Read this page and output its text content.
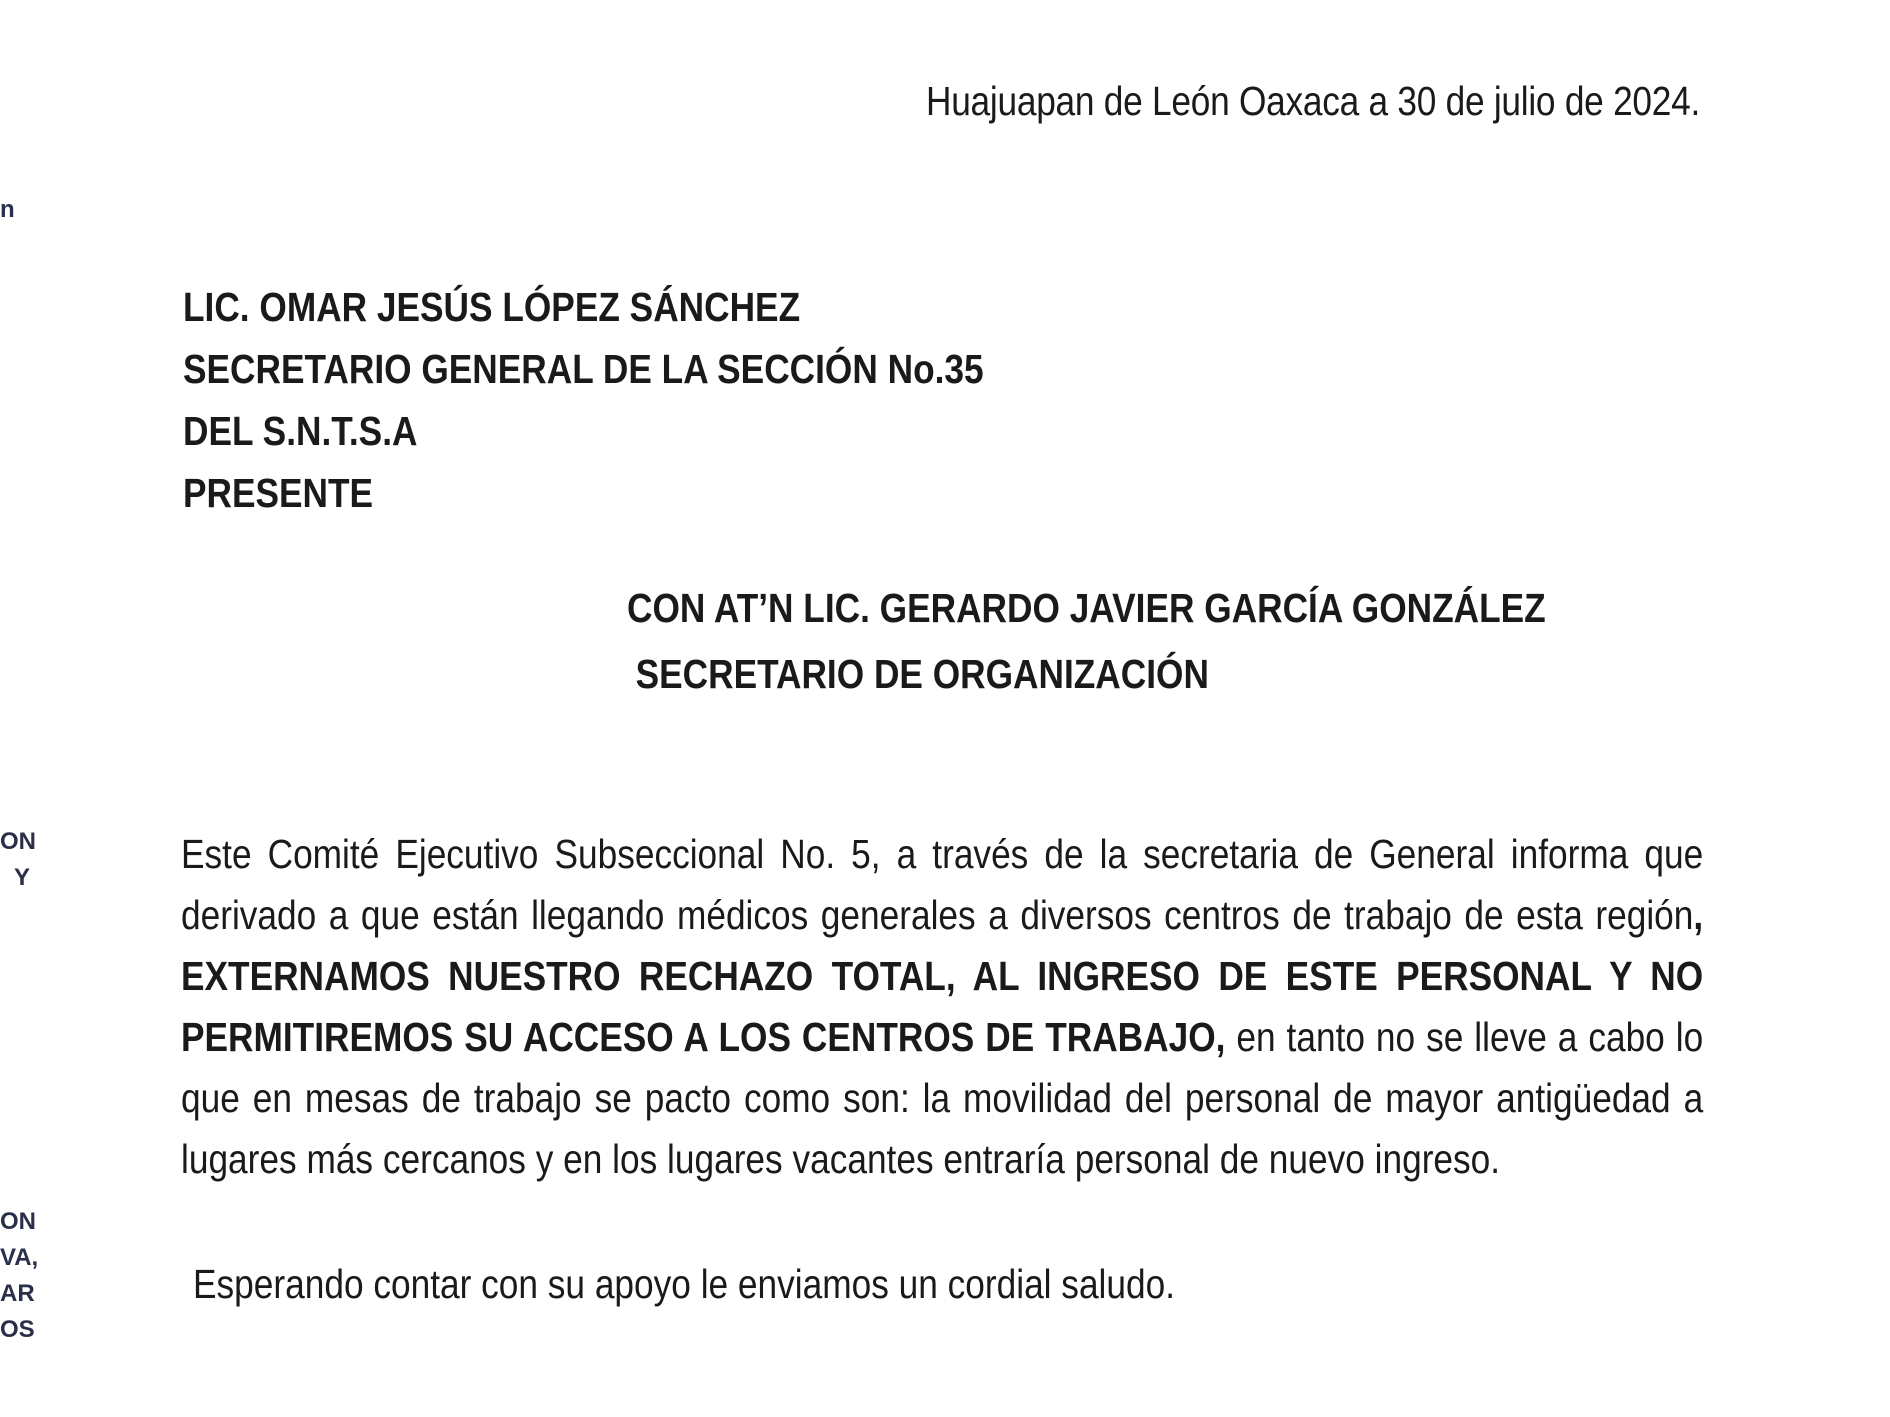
n
ON
Y
ON
VA,
AR
OS
Huajuapan de León Oaxaca a 30 de julio de 2024.
LIC. OMAR JESÚS LÓPEZ SÁNCHEZ
SECRETARIO GENERAL DE LA SECCIÓN No.35
DEL S.N.T.S.A
PRESENTE
CON AT’N LIC. GERARDO JAVIER GARCÍA GONZÁLEZ
SECRETARIO DE ORGANIZACIÓN
Este Comité Ejecutivo Subseccional No. 5, a través de la secretaria de General informa que derivado a que están llegando médicos generales a diversos centros de trabajo de esta región, EXTERNAMOS NUESTRO RECHAZO TOTAL, AL INGRESO DE ESTE PERSONAL Y NO PERMITIREMOS SU ACCESO A LOS CENTROS DE TRABAJO, en tanto no se lleve a cabo lo que en mesas de trabajo se pacto como son: la movilidad del personal de mayor antigüedad a lugares más cercanos y en los lugares vacantes entraría personal de nuevo ingreso.
Esperando contar con su apoyo le enviamos un cordial saludo.
